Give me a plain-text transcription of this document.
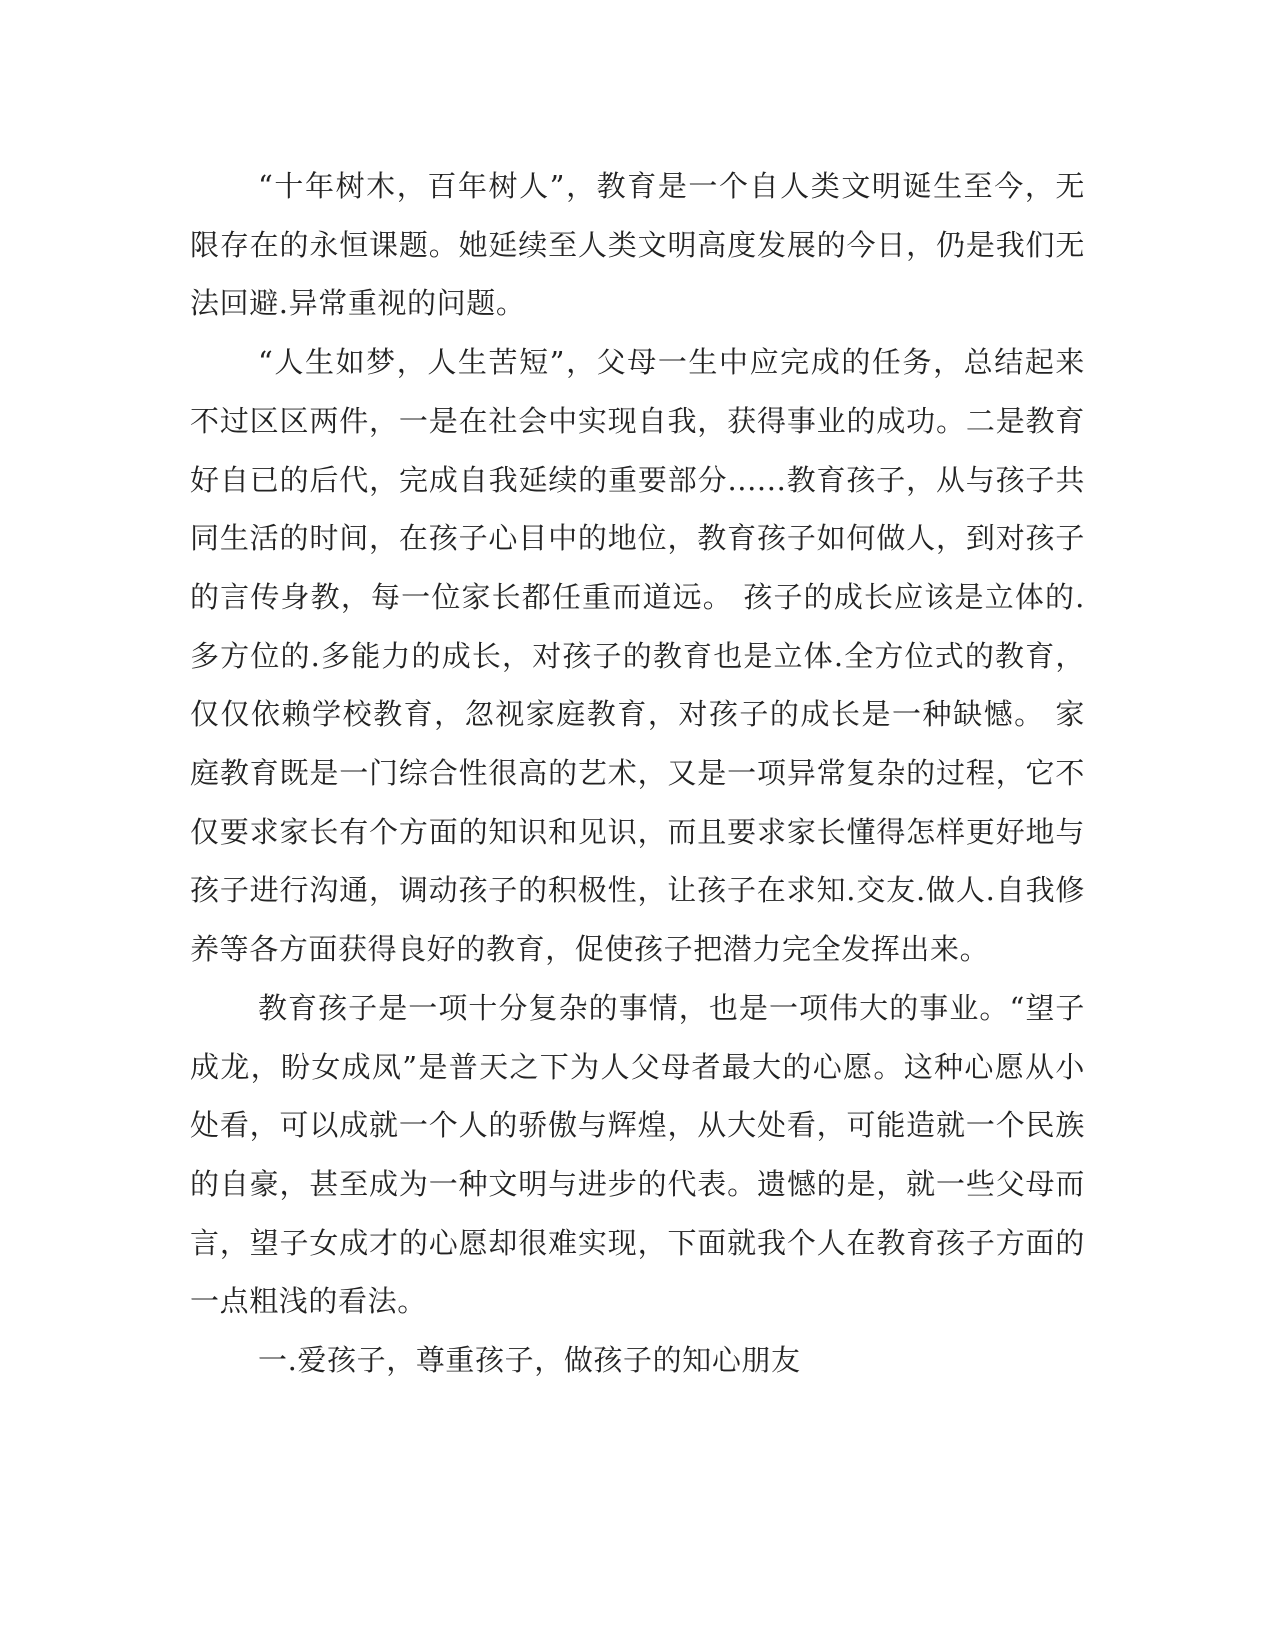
“十年树木，百年树人”，教育是一个自人类文明诞生至今，无限存在的永恒课题。她延续至人类文明高度发展的今日，仍是我们无法回避.异常重视的问题。

“人生如梦，人生苦短”，父母一生中应完成的任务，总结起来不过区区两件，一是在社会中实现自我，获得事业的成功。二是教育好自已的后代，完成自我延续的重要部分......教育孩子，从与孩子共同生活的时间，在孩子心目中的地位，教育孩子如何做人，到对孩子的言传身教，每一位家长都任重而道远。 孩子的成长应该是立体的.多方位的.多能力的成长，对孩子的教育也是立体.全方位式的教育，仅仅依赖学校教育，忽视家庭教育，对孩子的成长是一种缺憾。 家庭教育既是一门综合性很高的艺术，又是一项异常复杂的过程，它不仅要求家长有个方面的知识和见识，而且要求家长懂得怎样更好地与孩子进行沟通，调动孩子的积极性，让孩子在求知.交友.做人.自我修养等各方面获得良好的教育，促使孩子把潜力完全发挥出来。

教育孩子是一项十分复杂的事情，也是一项伟大的事业。“望子成龙，盼女成凤”是普天之下为人父母者最大的心愿。这种心愿从小处看，可以成就一个人的骄傲与辉煌，从大处看，可能造就一个民族的自豪，甚至成为一种文明与进步的代表。遗憾的是，就一些父母而言，望子女成才的心愿却很难实现，下面就我个人在教育孩子方面的一点粗浅的看法。

一.爱孩子，尊重孩子，做孩子的知心朋友
